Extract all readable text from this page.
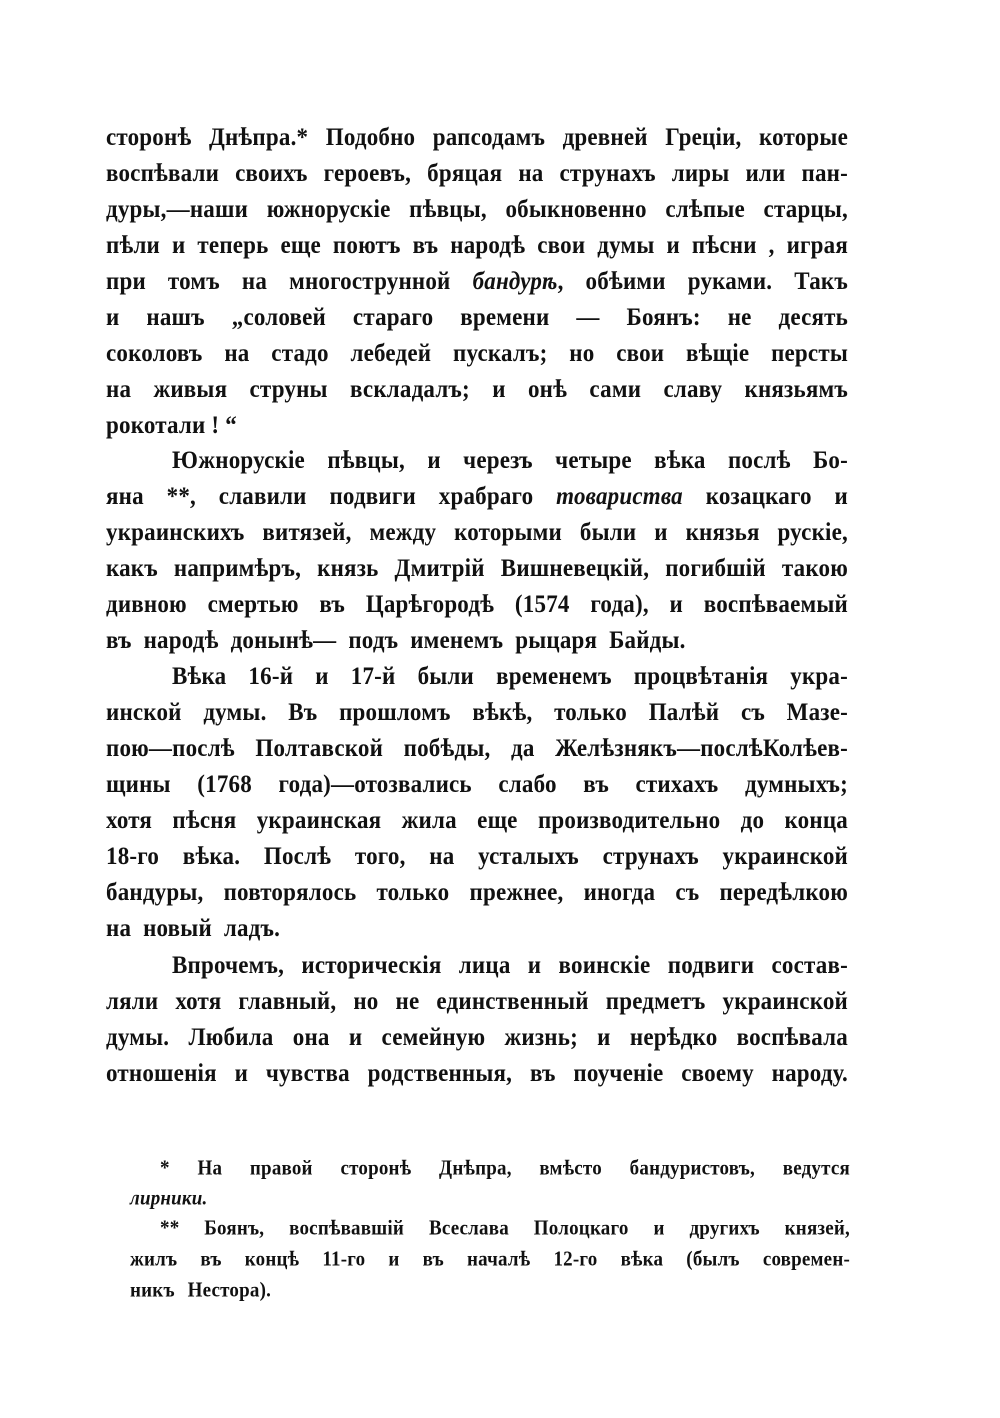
сторонѣ Днѣпра.* Подобно рапсодамъ древней Греціи, которые
воспѣвали своихъ героевъ, бряцая на струнахъ лиры или пан-
дуры,—наши южнорускіе пѣвцы, обыкновенно слѣпые старцы,
пѣли и теперь еще поютъ въ народѣ свои думы и пѣсни , играя
при томъ на многострунной бандурѣ, обѣими руками. Такъ
и нашъ „соловей стараго времени — Боянъ: не десять
соколовъ на стадо лебедей пускалъ; но свои вѣщіе персты
на живыя струны вскладалъ; и онѣ сами славу князьямъ
рокотали ! “
Южнорускіе пѣвцы, и черезъ четыре вѣка послѣ Бо-
яна **, славили подвиги храбраго товариства козацкаго и
украинскихъ витязей, между которыми были и князья рускіе,
какъ напримѣръ, князь Дмитрій Вишневецкій, погибшій такою
дивною смертью въ Царѣгородѣ (1574 года), и воспѣваемый
въ народѣ донынѣ— подъ именемъ рыцаря Байды.
Вѣка 16-й и 17-й были временемъ процвѣтанія укра-
инской думы. Въ прошломъ вѣкѣ, только Палѣй съ Мазе-
пою—послѣ Полтавской побѣды, да Желѣзнякъ—послѣКолѣев-
щины (1768 года)—отозвались слабо въ стихахъ думныхъ;
хотя пѣсня украинская жила еще производительно до конца
18-го вѣка. Послѣ того, на усталыхъ струнахъ украинской
бандуры, повторялось только прежнее, иногда съ передѣлкою
на новый ладъ.
Впрочемъ, историческія лица и воинскіе подвиги состав-
ляли хотя главный, но не единственный предметъ украинской
думы. Любила она и семейную жизнь; и нерѣдко воспѣвала
отношенія и чувства родственныя, въ поученіе своему народу.
* На правой сторонѣ Днѣпра, вмѣсто бандуристовъ, ведутся
лирники.
** Боянъ, воспѣвавшій Всеслава Полоцкаго и другихъ князей,
жилъ въ концѣ 11-го и въ началѣ 12-го вѣка (былъ современ-
никъ Нестора).
